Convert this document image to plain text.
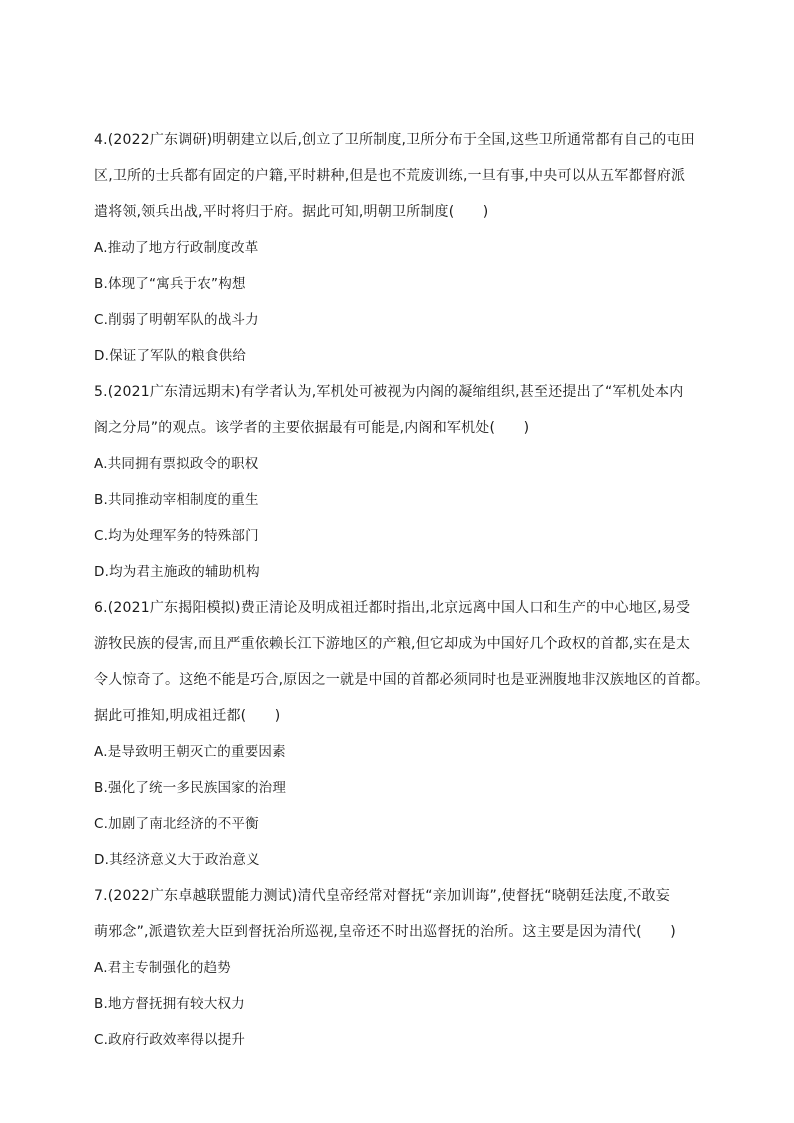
4.(2022广东调研)明朝建立以后,创立了卫所制度,卫所分布于全国,这些卫所通常都有自己的屯田
区,卫所的士兵都有固定的户籍,平时耕种,但是也不荒废训练,一旦有事,中央可以从五军都督府派
遣将领,领兵出战,平时将归于府。据此可知,明朝卫所制度(　　)
A.推动了地方行政制度改革
B.体现了“寓兵于农”构想
C.削弱了明朝军队的战斗力
D.保证了军队的粮食供给
5.(2021广东清远期末)有学者认为,军机处可被视为内阁的凝缩组织,甚至还提出了“军机处本内
阁之分局”的观点。该学者的主要依据最有可能是,内阁和军机处(　　)
A.共同拥有票拟政令的职权
B.共同推动宰相制度的重生
C.均为处理军务的特殊部门
D.均为君主施政的辅助机构
6.(2021广东揭阳模拟)费正清论及明成祖迁都时指出,北京远离中国人口和生产的中心地区,易受
游牧民族的侵害,而且严重依赖长江下游地区的产粮,但它却成为中国好几个政权的首都,实在是太
令人惊奇了。这绝不能是巧合,原因之一就是中国的首都必须同时也是亚洲腹地非汉族地区的首都。
据此可推知,明成祖迁都(　　)
A.是导致明王朝灭亡的重要因素
B.强化了统一多民族国家的治理
C.加剧了南北经济的不平衡
D.其经济意义大于政治意义
7.(2022广东卓越联盟能力测试)清代皇帝经常对督抚“亲加训诲”,使督抚“晓朝廷法度,不敢妄
萌邪念”,派遣钦差大臣到督抚治所巡视,皇帝还不时出巡督抚的治所。这主要是因为清代(　　)
A.君主专制强化的趋势
B.地方督抚拥有较大权力
C.政府行政效率得以提升
